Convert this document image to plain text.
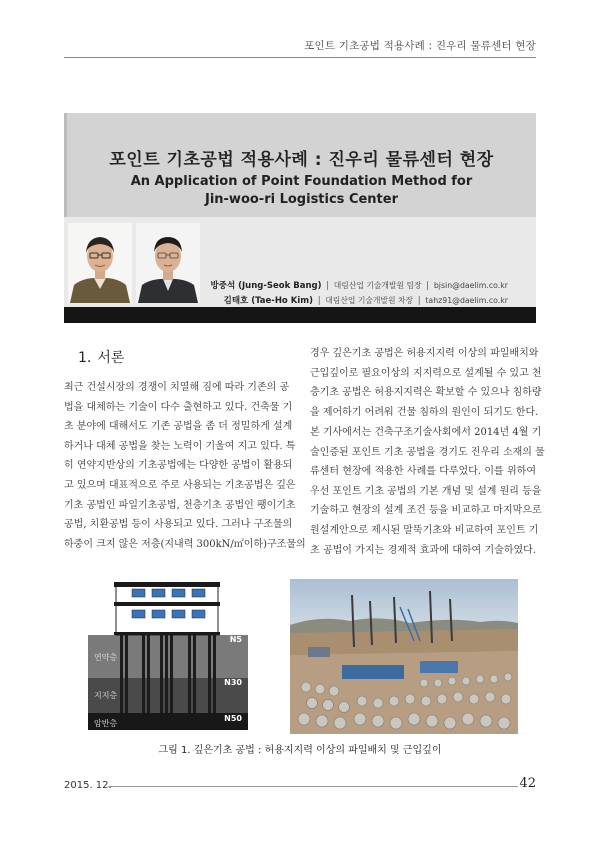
포인트 기초공법 적용사례 : 진우리 물류센터 현장
포인트 기초공법 적용사례 : 진우리 물류센터 현장
An Application of Point Foundation Method for
Jin-woo-ri Logistics Center
방중석 (Jung-Seok Bang) | 대림산업 기술개발원 팀장 | bjsin@daelim.co.kr
김태호 (Tae-Ho Kim) | 대림산업 기술개발원 차장 | tahz91@daelim.co.kr
1. 서론
최근 건설시장의 경쟁이 치열해 짐에 따라 기존의 공
법을 대체하는 기술이 다수 출현하고 있다. 건축물 기
초 분야에 대해서도 기존 공법을 좀 더 정밀하게 설계
하거나 대체 공법을 찾는 노력이 기울여 지고 있다. 특
히 연약지반상의 기초공법에는 다양한 공법이 활용되
고 있으며 대표적으로 주로 사용되는 기초공법은 깊은
기초 공법인 파일기초공법, 천층기초 공법인 팽이기초
공법, 치환공법 등이 사용되고 있다. 그러나 구조물의
하중이 크지 않은 저층(지내력 300kN/㎡이하)구조물의
경우 깊은기초 공법은 허용지지력 이상의 파일배치와
근입깊이로 필요이상의 지지력으로 설계될 수 있고 천
층기초 공법은 허용지지력은 확보할 수 있으나 침하량
을 제어하기 어려워 건물 침하의 원인이 되기도 한다.
본 기사에서는 건축구조기술사회에서 2014년 4월 기
술인증된 포인트 기초 공법을 경기도 진우리 소재의 물
류센터 현장에 적용한 사례를 다루었다. 이를 위하여
우선 포인트 기초 공법의 기본 개념 및 설계 원리 등을
기술하고 현장의 설계 조건 등을 비교하고 마지막으로
원설계안으로 제시된 말뚝기초와 비교하여 포인트 기
초 공법이 가지는 경제적 효과에 대하여 기술하였다.
연약층
지지층
암반층
N5
N30
N50
그림 1. 깊은기초 공법 : 허용지지력 이상의 파일배치 및 근입깊이
2015. 12.	42
